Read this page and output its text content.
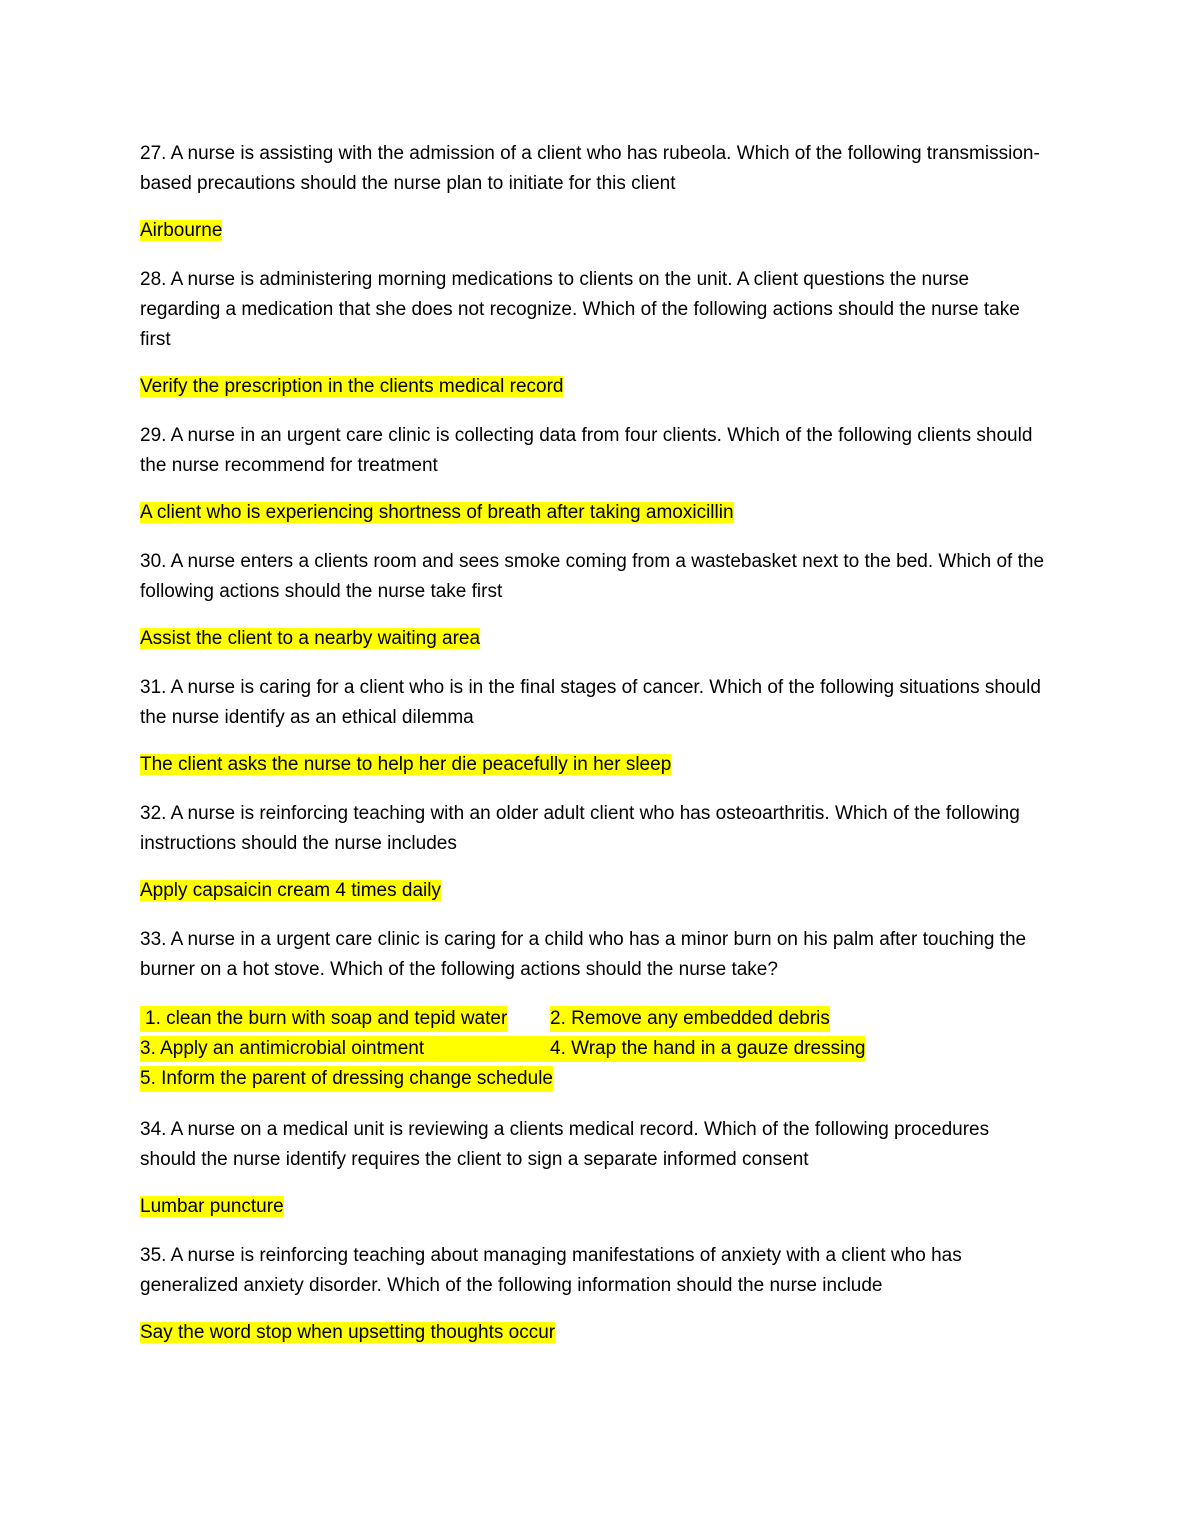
27. A nurse is assisting with the admission of a client who has rubeola. Which of the following transmission-based precautions should the nurse plan to initiate for this client

Airbourne

28. A nurse is administering morning medications to clients on the unit. A client questions the nurse regarding a medication that she does not recognize. Which of the following actions should the nurse take first

Verify the prescription in the clients medical record

29. A nurse in an urgent care clinic is collecting data from four clients. Which of the following clients should the nurse recommend for treatment

A client who is experiencing shortness of breath after taking amoxicillin

30. A nurse enters a clients room and sees smoke coming from a wastebasket next to the bed. Which of the following actions should the nurse take first

Assist the client to a nearby waiting area

31. A nurse is caring for a client who is in the final stages of cancer. Which of the following situations should the nurse identify as an ethical dilemma

The client asks the nurse to help her die peacefully in her sleep

32. A nurse is reinforcing teaching with an older adult client who has osteoarthritis. Which of the following instructions should the nurse includes

Apply capsaicin cream 4 times daily

33. A nurse in a urgent care clinic is caring for a child who has a minor burn on his palm after touching the burner on a hot stove. Which of the following actions should the nurse take?

1. clean the burn with soap and tepid water 2. Remove any embedded debris
3. Apply an antimicrobial ointment	4. Wrap the hand in a gauze dressing
5. Inform the parent of dressing change schedule

34. A nurse on a medical unit is reviewing a clients medical record. Which of the following procedures should the nurse identify requires the client to sign a separate informed consent

Lumbar puncture

35. A nurse is reinforcing teaching about managing manifestations of anxiety with a client who has generalized anxiety disorder. Which of the following information should the nurse include

Say the word stop when upsetting thoughts occur
